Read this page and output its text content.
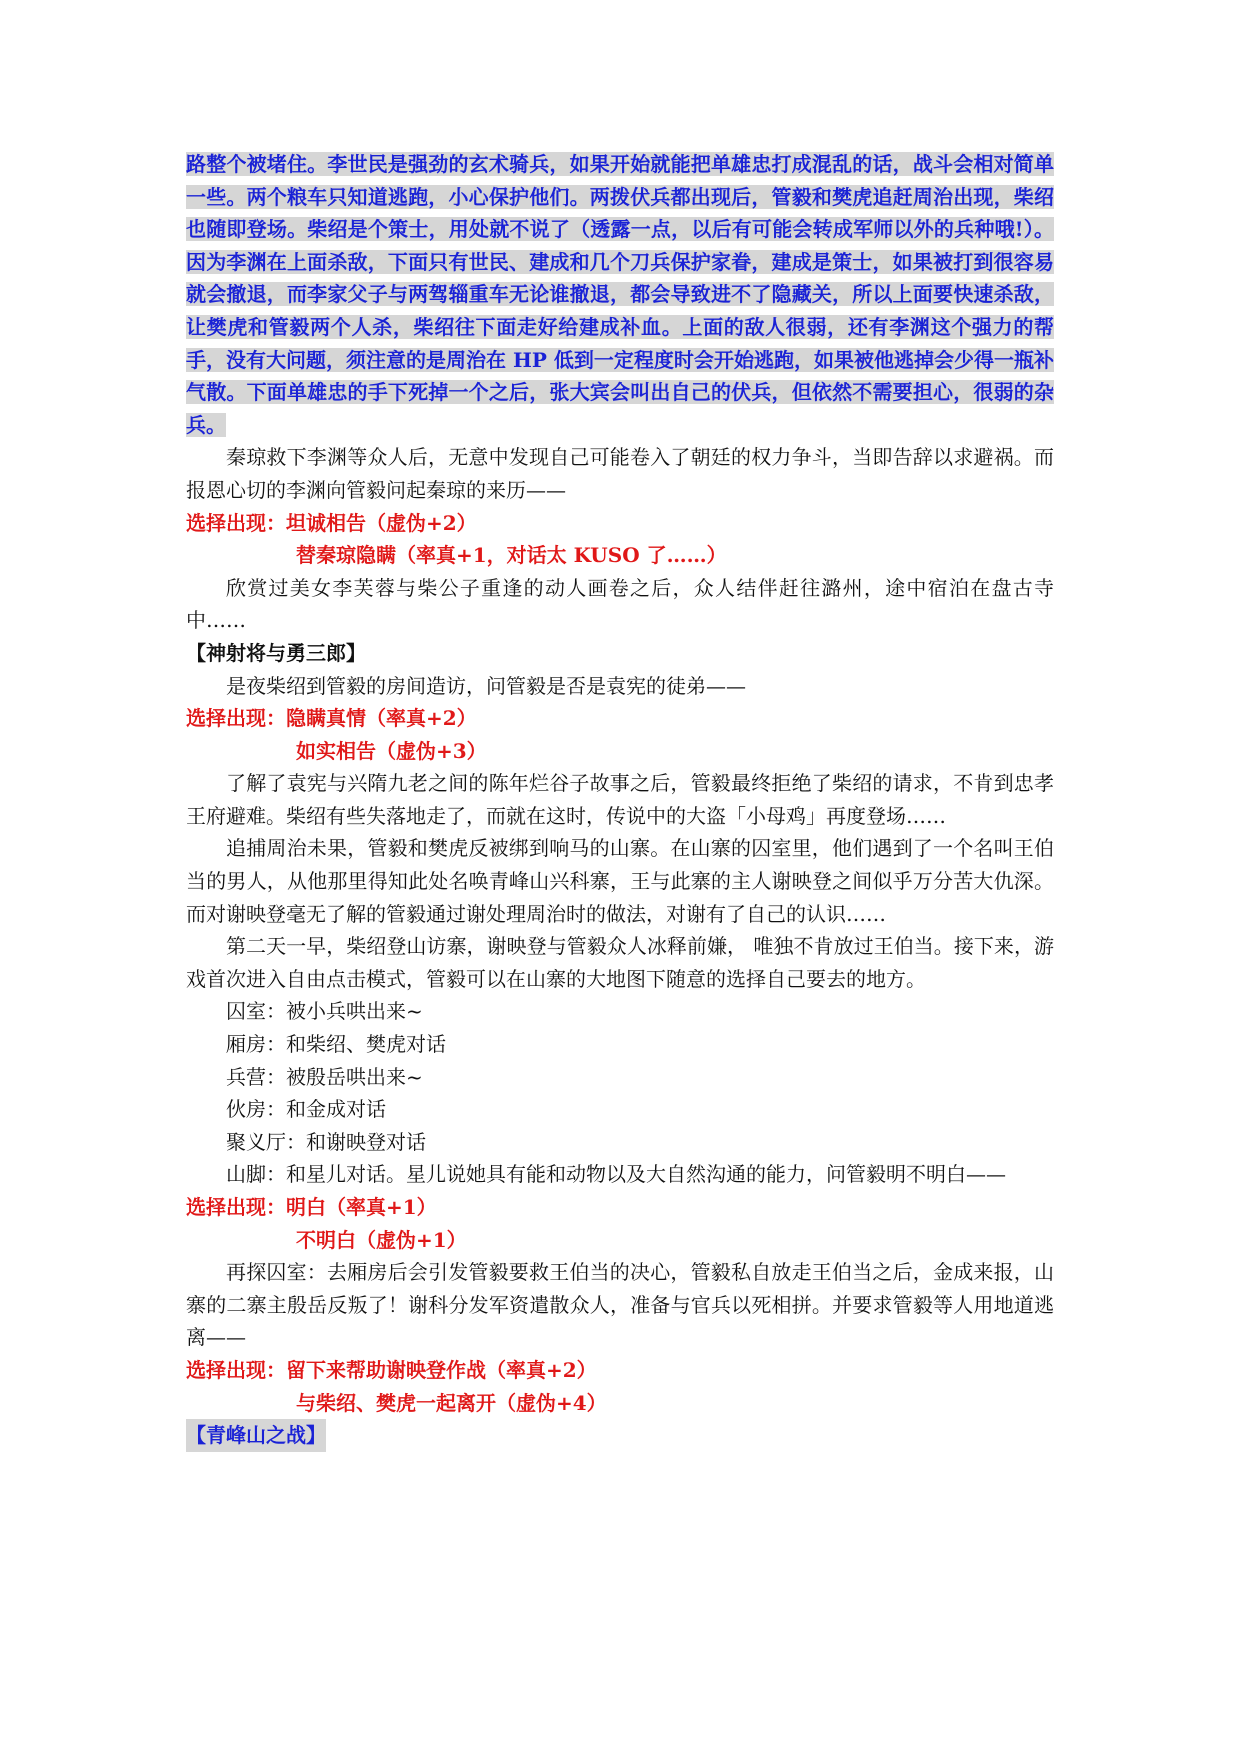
路整个被堵住。李世民是强劲的玄术骑兵，如果开始就能把单雄忠打成混乱的话，战斗会相对简单一些。两个粮车只知道逃跑，小心保护他们。两拨伏兵都出现后，管毅和樊虎追赶周治出现，柴绍也随即登场。柴绍是个策士，用处就不说了（透露一点，以后有可能会转成军师以外的兵种哦!）。因为李渊在上面杀敌，下面只有世民、建成和几个刀兵保护家眷，建成是策士，如果被打到很容易就会撤退，而李家父子与两驾辎重车无论谁撤退，都会导致进不了隐藏关，所以上面要快速杀敌，让樊虎和管毅两个人杀，柴绍往下面走好给建成补血。上面的敌人很弱，还有李渊这个强力的帮手，没有大问题，须注意的是周治在 HP 低到一定程度时会开始逃跑，如果被他逃掉会少得一瓶补气散。下面单雄忠的手下死掉一个之后，张大宾会叫出自己的伏兵，但依然不需要担心，很弱的杂兵。

秦琼救下李渊等众人后，无意中发现自己可能卷入了朝廷的权力争斗，当即告辞以求避祸。而报恩心切的李渊向管毅问起秦琼的来历——

选择出现：坦诚相告（虚伪+2）

替秦琼隐瞒（率真+1，对话太 KUSO 了……）

欣赏过美女李芙蓉与柴公子重逢的动人画卷之后，众人结伴赶往潞州，途中宿泊在盘古寺中……

【神射将与勇三郎】

是夜柴绍到管毅的房间造访，问管毅是否是袁宪的徒弟——

选择出现：隐瞒真情（率真+2）

如实相告（虚伪+3）

了解了袁宪与兴隋九老之间的陈年烂谷子故事之后，管毅最终拒绝了柴绍的请求，不肯到忠孝王府避难。柴绍有些失落地走了，而就在这时，传说中的大盗「小母鸡」再度登场……

追捕周治未果，管毅和樊虎反被绑到响马的山寨。在山寨的囚室里，他们遇到了一个名叫王伯当的男人，从他那里得知此处名唤青峰山兴科寨，王与此寨的主人谢映登之间似乎万分苦大仇深。而对谢映登毫无了解的管毅通过谢处理周治时的做法，对谢有了自己的认识……

第二天一早，柴绍登山访寨，谢映登与管毅众人冰释前嫌， 唯独不肯放过王伯当。接下来，游戏首次进入自由点击模式，管毅可以在山寨的大地图下随意的选择自己要去的地方。

囚室：被小兵哄出来~

厢房：和柴绍、樊虎对话

兵营：被殷岳哄出来~

伙房：和金成对话

聚义厅：和谢映登对话

山脚：和星儿对话。星儿说她具有能和动物以及大自然沟通的能力，问管毅明不明白——

选择出现：明白（率真+1）

不明白（虚伪+1）

再探囚室：去厢房后会引发管毅要救王伯当的决心，管毅私自放走王伯当之后，金成来报，山寨的二寨主殷岳反叛了！谢科分发军资遣散众人，准备与官兵以死相拼。并要求管毅等人用地道逃离——

选择出现：留下来帮助谢映登作战（率真+2）

与柴绍、樊虎一起离开（虚伪+4）

【青峰山之战】
